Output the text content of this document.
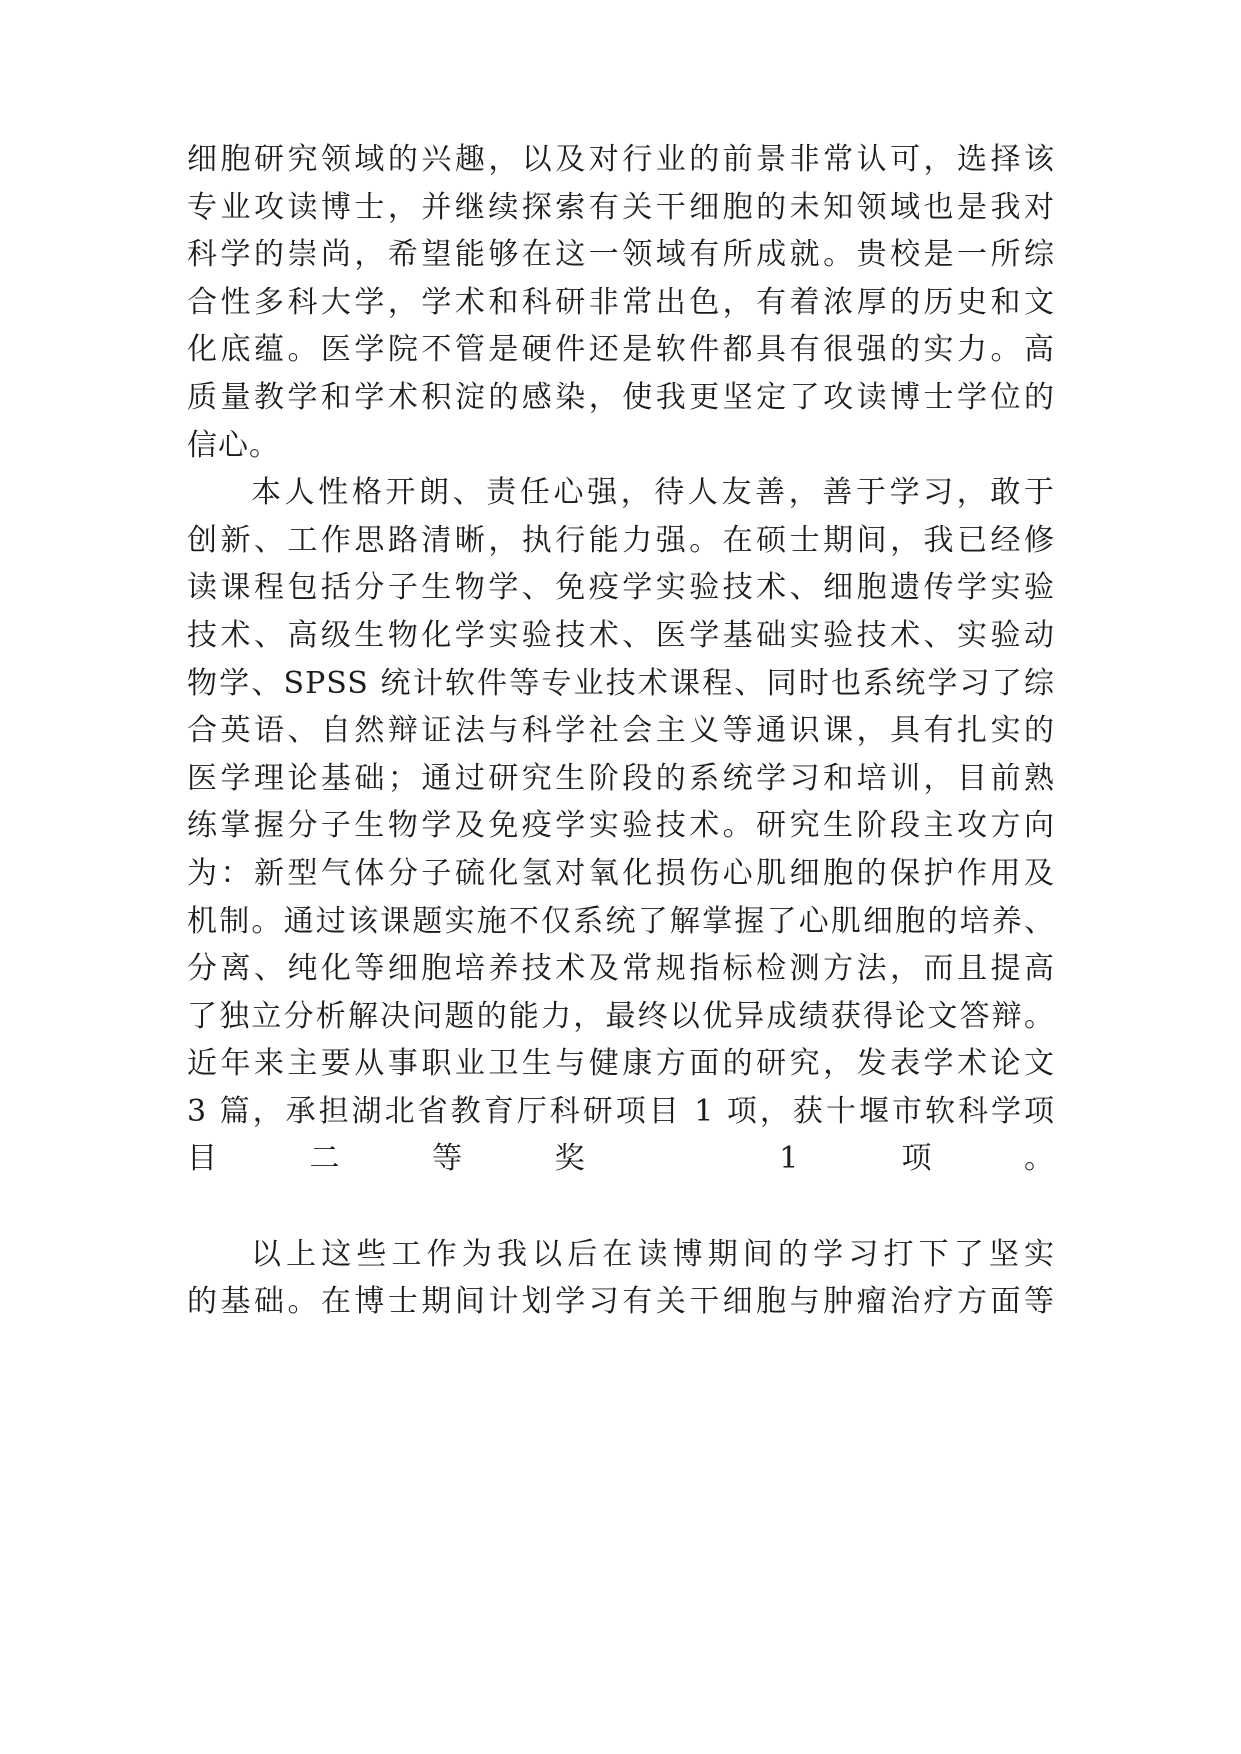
细胞研究领域的兴趣，以及对行业的前景非常认可，选择该
专业攻读博士，并继续探索有关干细胞的未知领域也是我对
科学的崇尚，希望能够在这一领域有所成就。贵校是一所综
合性多科大学，学术和科研非常出色，有着浓厚的历史和文
化底蕴。医学院不管是硬件还是软件都具有很强的实力。高
质量教学和学术积淀的感染，使我更坚定了攻读博士学位的
信心。
本人性格开朗、责任心强，待人友善，善于学习，敢于
创新、工作思路清晰，执行能力强。在硕士期间，我已经修
读课程包括分子生物学、免疫学实验技术、细胞遗传学实验
技术、高级生物化学实验技术、医学基础实验技术、实验动
物学、SPSS 统计软件等专业技术课程、同时也系统学习了综
合英语、自然辩证法与科学社会主义等通识课，具有扎实的
医学理论基础；通过研究生阶段的系统学习和培训，目前熟
练掌握分子生物学及免疫学实验技术。研究生阶段主攻方向
为：新型气体分子硫化氢对氧化损伤心肌细胞的保护作用及
机制。通过该课题实施不仅系统了解掌握了心肌细胞的培养、
分离、纯化等细胞培养技术及常规指标检测方法，而且提高
了独立分析解决问题的能力，最终以优异成绩获得论文答辩。
近年来主要从事职业卫生与健康方面的研究，发表学术论文
3 篇，承担湖北省教育厅科研项目 1 项，获十堰市软科学项
目二等奖 1 项。
以上这些工作为我以后在读博期间的学习打下了坚实
的基础。在博士期间计划学习有关干细胞与肿瘤治疗方面等
